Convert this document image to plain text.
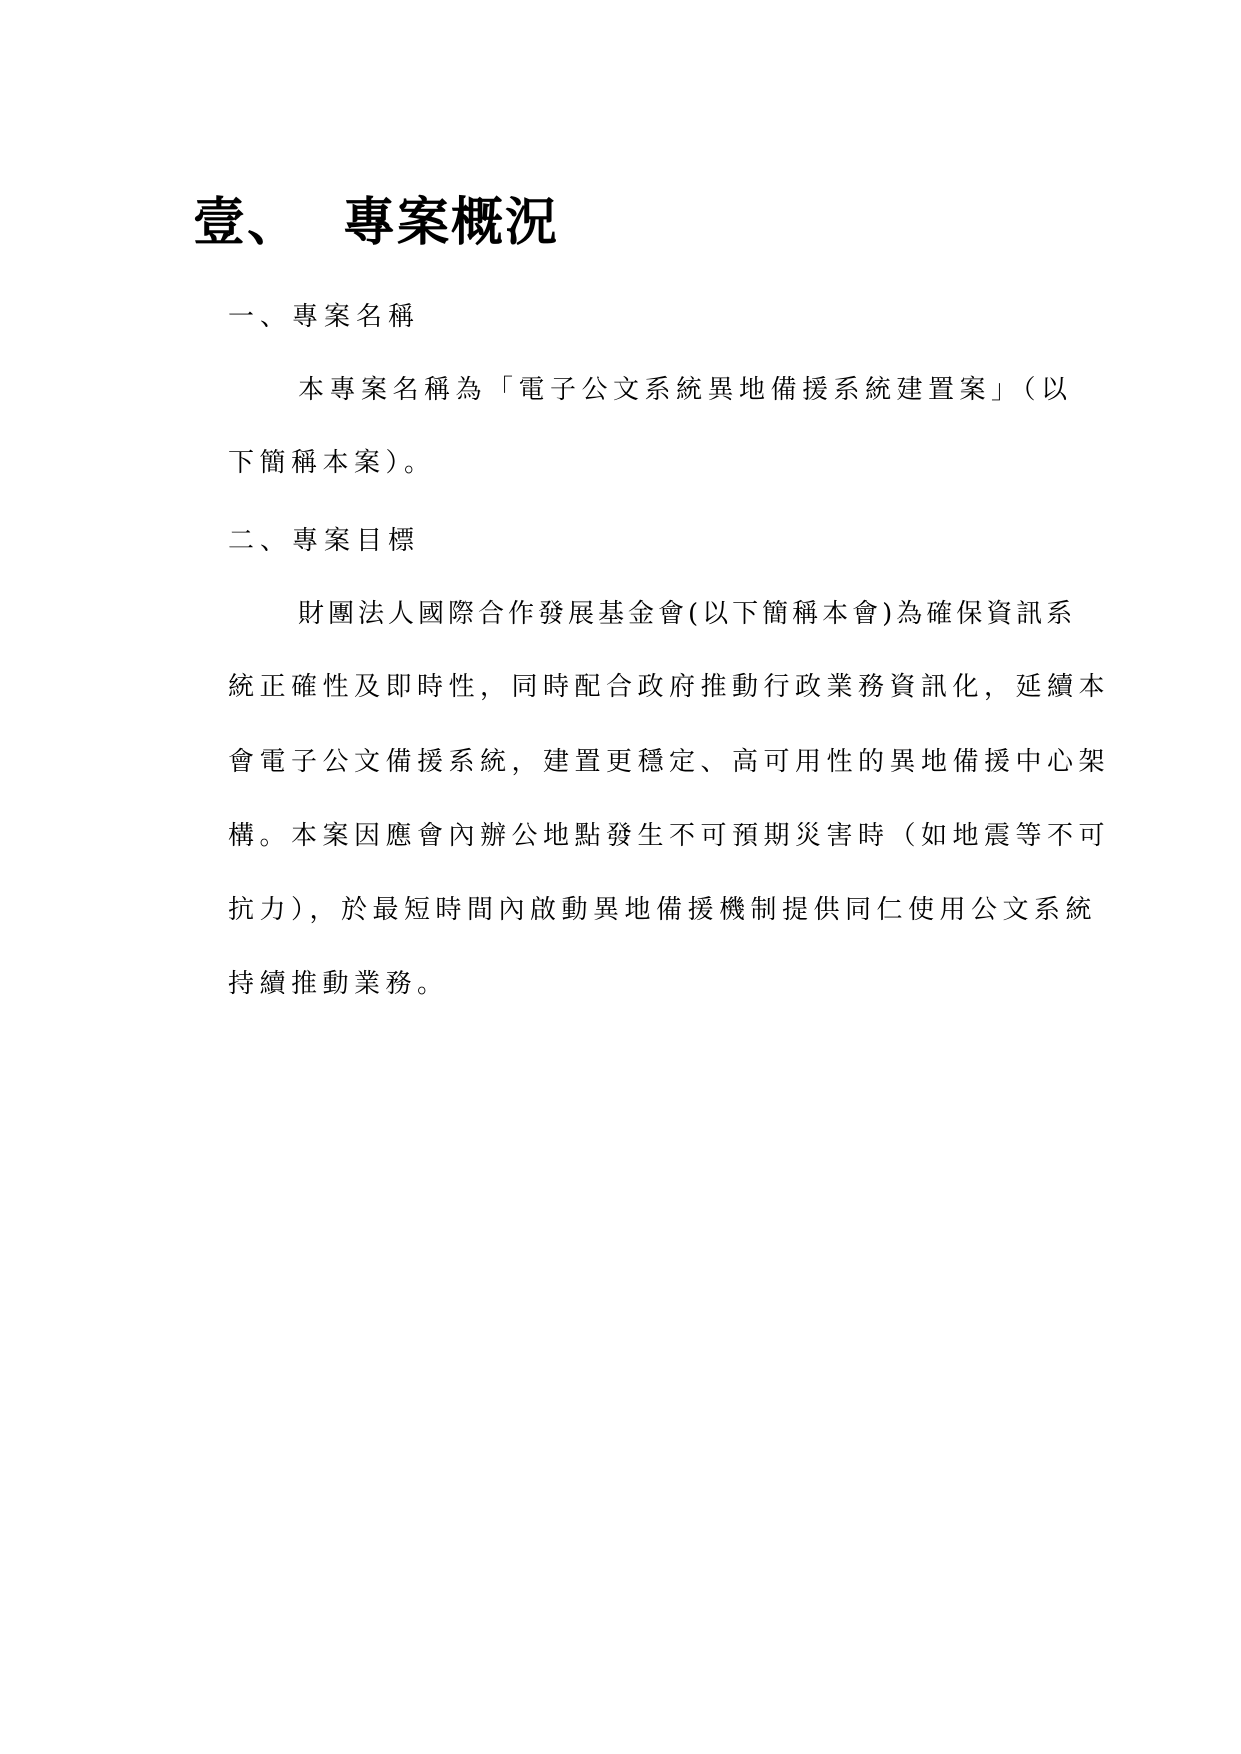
壹、 專案概況
一、專案名稱

本專案名稱為「電子公文系統異地備援系統建置案」（以

下簡稱本案）。

二、專案目標

財團法人國際合作發展基金會(以下簡稱本會)為確保資訊系

統正確性及即時性，同時配合政府推動行政業務資訊化，延續本

會電子公文備援系統，建置更穩定、高可用性的異地備援中心架

構。本案因應會內辦公地點發生不可預期災害時（如地震等不可

抗力），於最短時間內啟動異地備援機制提供同仁使用公文系統

持續推動業務。
